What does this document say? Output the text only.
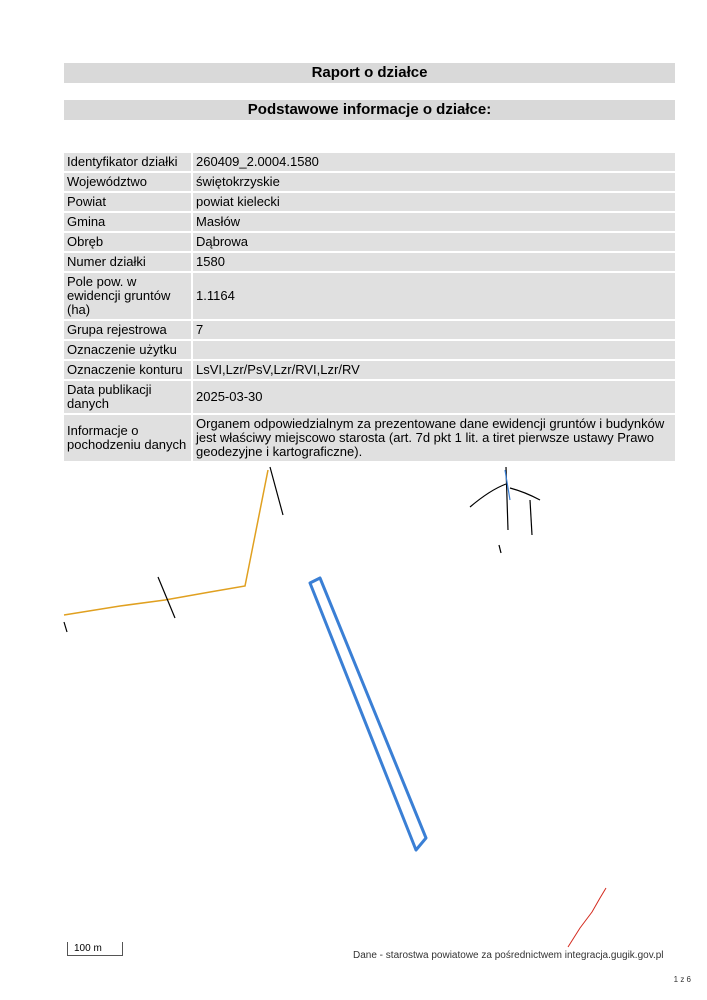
Raport o działce
Podstawowe informacje o działce:
Identyfikator działki	260409_2.0004.1580
Województwo	świętokrzyskie
Powiat	powiat kielecki
Gmina	Masłów
Obręb	Dąbrowa
Numer działki	1580
Pole pow. w ewidencji gruntów (ha)	1.1164
Grupa rejestrowa	7
Oznaczenie użytku	
Oznaczenie konturu	LsVI,Lzr/PsV,Lzr/RVI,Lzr/RV
Data publikacji danych	2025-03-30
Informacje o pochodzeniu danych	Organem odpowiedzialnym za prezentowane dane ewidencji gruntów i budynków jest właściwy miejscowo starosta (art. 7d pkt 1 lit. a tiret pierwsze ustawy Prawo geodezyjne i kartograficzne).
100 m
Dane - starostwa powiatowe za pośrednictwem integracja.gugik.gov.pl
1 z 6
